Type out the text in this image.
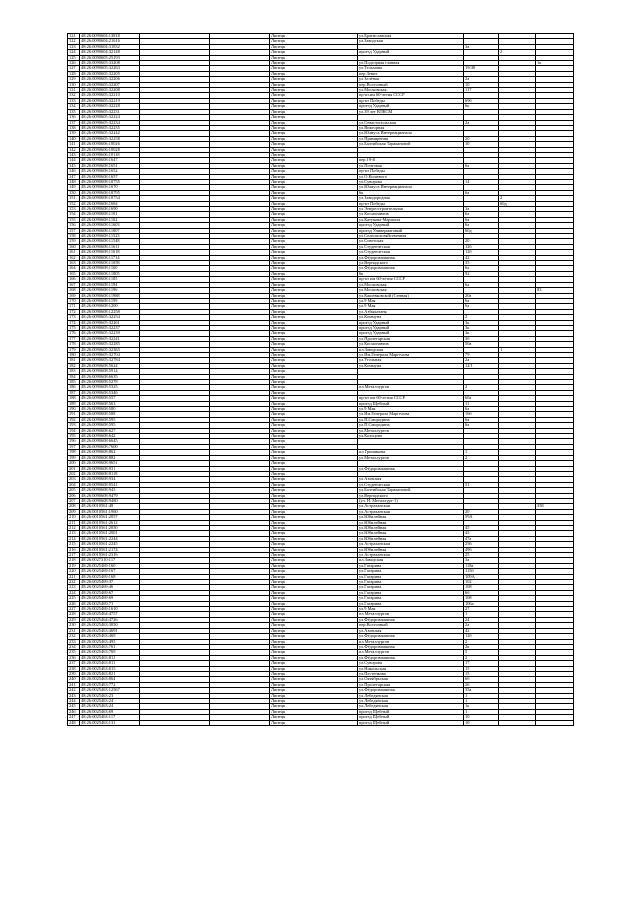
121	48:26:0090604:13818			Липецк	ул.Братиславская			
122	48:26:0090604:21616			Липецк	ул.Заводская			
123	48:26:0090604:31832			Липецк		3а		
124	48:26:0090604:32148			Липецк	проезд Ударный		2	
125	48:26:0090605:25193			Липецк				
126	48:26:0090605:33208			Липецк	ул.Подгорная главная			1к
127	48:26:0090605:32263			Липецк	ул.Тельмана	19/48		
128	48:26:0090605:32205			Липецк	пер.Зенит			
129	48:26:0090605:32206			Липецк	ул.Зелёная	2а		
130	48:26:0090605:32207			Липецк	пер.Восточный	10		
131	48:26:0090605:32208			Липецк	ул.Московская	117		
132	48:26:0090605:32210			Липецк	пр-кт.им 60-летия СССР			
133	48:26:0090605:32219			Липецк	пр-кт Победы	69б		
134	48:26:0090605:32228			Липецк	проезд Ударный	6к		
135	48:26:0090605:32231			Липецк	ул.39 лет ВЛКСМ			
136	48:26:0090605:32224			Липецк				
137	48:26:0090605:32234			Липецк	ул.Севастопольская	2а		
138	48:26:0090605:32235			Липецк	ул.Викторная			
139	48:26:0090605:32242			Липецк	ул.Юлиуса Интернационала			
140	48:26:0090605:32258			Липецк	ул.Примирения	20		
141	48:26:0090606:10026			Липецк	ул.Балтийская Таракановой	10		
142	48:26:0090606:10028			Липецк				
143	48:26:0090606:10118			Липецк				
144	48:26:0090608:1647			Липецк	пер.19-й			
145	48:26:0090608:1651			Липецк	ул.Почтовая	6а		
146	48:26:0090608:1652			Липецк	пр-кт Победы			
147	48:26:0090608:1657			Липецк	ул.О.Кошевого			
148	48:26:0090608:10755			Липецк	ул.Суворова	14		
149	48:26:0090608:1670			Липецк	ул.Юлиуса Интернационала			
150	48:26:0090608:10795			Липецк	6к	6а		
151	48:26:0090608:10754			Липецк	ул.Заводородная		2	
152	48:26:0090608:1684			Липецк	пр-кт Победы		60д	
153	48:26:0090608:1690			Липецк	ул.Энергостроительная	3а		
154	48:26:0090608:1101			Липецк	ул.Космонавтов	6а		
155	48:26:0090608:1102			Липецк	ул.Катукова-Маршала	6а		
156	48:26:0090608:11603			Липецк	проезд Ударный	6а		
157	48:26:0090608:11807			Липецк	проезд Универмаговый	60д		
158	48:26:0090608:11523			Липецк	ул.Сельскохозяйственная			
159	48:26:0090608:11548			Липецк	ул.Советская	20		
160	48:26:0090608:11611			Липецк	ул.Студенческая	12б		
161	48:26:0090608:11618			Липецк	ул.Студенческая	12б		
162	48:26:0090608:11714			Липецк	ул.Фёдоровпашная	42		
163	48:26:0090608:11058			Липецк	ул.Вернадского	35		
164	48:26:0090608:1160			Липецк	ул.Фёдоровпашная	6а		
165	48:26:0090608:11805			Липецк	6к	92		
166	48:26:0090608:1185			Липецк	пр-кт им 60-летия СССР			
167	48:26:0090608:1194			Липецк	ул.Московская	6а		
168	48:26:0090608:1196			Липецк	ул.Московская			83
169	48:26:0090608:11988			Липецк	ул.Кашёвковской (Сенная)	20а		
170	48:26:0090608:1199			Липецк	ул.9 Мая	6а		
171	48:26:0090608:1200			Липецк	ул.9 Мая	6а		
172	48:26:0090608:12258			Липецк	ул.Азбыкатаня			
173	48:26:0090605:32254			Липецк	ул.Коммуна	2		
174	48:26:0090605:32261			Липецк	проезд Ударный	3к		
175	48:26:0090605:32237			Липецк	проезд Ударный	3к		
176	48:26:0090605:32239			Липецк	проезд Ударный	3к		
177	48:26:0090605:32241			Липецк	ул.Пролетарская	3б		
178	48:26:0090605:32285			Липецк	ул.Космонавтов	50а		
179	48:26:0090605:32365			Липецк	пл.Заводская		1	
180	48:26:0090605:32704			Липецк	ул.Им.Генерала Маргелова	79		
181	48:26:0090605:32784			Липецк	ул.Угольная	2а		
182	48:26:0090608:5624			Липецк	ул.Коммуна	12/1		
183	48:26:0090608:5914			Липецк				
184	48:26:0090608:6635			Липецк				
185	48:26:0090608:5278			Липецк				
186	48:26:0090608:5325			Липецк	пл.Металлургов	2		
187	48:26:0090608:5346			Липецк				
188	48:26:0090608:557			Липецк	пр-кт им 60-летия СССР	60а		
189	48:26:0090608:563			Липецк	проезд Щебный	11		
190	48:26:0090608:580			Липецк	ул.9 Мая	6а		
191	48:26:0090608:588			Липецк	ул.Им.Генерала Маргелова	16б		
192	48:26:0090608:595			Липецк	ул.П.Смородина	6а		
193	48:26:0090608:595			Липецк	ул.П.Смородина	6а		
194	48:26:0090608:627			Липецк	ул.Металлургов			
195	48:26:0090608:642			Липецк	ул.Кольцова			
196	48:26:0090608:6645			Липецк				
197	48:26:0090608:7600			Липецк				
198	48:26:0090608:862			Липецк	пл.Гришикова	1		
199	48:26:0090608:882			Липецк	ул.Металлургов	2		
200	48:26:0090608:9651			Липецк				
201	48:26:0090608:931			Липецк	ул.Фёдоровпашная			
202	48:26:0090608:9118			Липецк				
203	48:26:0090608:934			Липецк	ул.Азовская			
204	48:26:0090608:9541			Липецк	ул.Студенческая	51		
205	48:26:0090608:943			Липецк	ул.Балтийская Таракановой			
206	48:26:0090608:9479			Липецк	ул.Вернадского			
207	48:26:0090608:9480			Липецк	(ул. Н. Металлург-1)			
208	48:26:0010561:48			Липецк	ул.Астраханская			358
209	48:26:0010561:1960			Липецк	ул.Астраханская	20		
210	48:26:0010561:2057			Липецк	ул.Юбилейная	59А		
211	48:26:0010561:2612			Липецк	ул.Юбилейная			
212	48:26:0010561:2050			Липецк	ул.Юбилейная	45		
213	48:26:0010561:2001			Липецк	ул.Юбилейная	45		
214	48:26:0010561:2244			Липецк	ул.Юбилейная	47а		
215	48:26:0010561:2245			Липецк	ул.Астраханская	256		
216	48:26:0010561:2174			Липецк	ул.Юбилейная	49б		
217	48:26:0010561:2316			Липецк	ул.Астраханская	25		
218	48:26:0027310:117			Липецк	пл.Заводская	3а		
219	48:26:0025469:160			Липецк	ул.Гагарина	118а		
220	48:26:0025469:167			Липецк	ул.Гагарина	115б		
221	48:26:0025469:168			Липецк	ул.Гагарина	109А		
222	48:26:0025469:37			Липецк	ул.Гагарина	102		
223	48:26:0025469:46			Липецк	ул.Гагарина	108		
224	48:26:0025469:67			Липецк	ул.Гагарина	6б		
225	48:26:0025469:69			Липецк	ул.Гагарина	108		
226	48:26:0025469:71			Липецк	ул.Гагарина	106а		
227	48:26:0025469:1610			Липецк	ул.9 Мая	27		
228	48:26:0025464:4757			Липецк	пл.Металлургов	1		
229	48:26:0025464:4726			Липецк	ул.Фёдоровпашная	24		
230	48:26:0025463:3050			Липецк	пер.Восточный	2а		
231	48:26:0025463:4691			Липецк	ул.Азовская	42		
232	48:26:0025463:469			Липецк	ул.Фёдоровпашная	12б		
233	48:26:0025463:495			Липецк	пл.Металлургов	2		
234	48:26:0025463:761			Липецк	ул.Фёдоровпашная	2к		
235	48:26:0025463:769			Липецк	пл.Металлургов	5		
236	48:26:0025463:811			Липецк	ул.Фёдоровпашная	2		
237	48:26:0025463:811			Липецк	ул.Суворова	17		
238	48:26:0025463:815			Липецк	ул.Никольская	15		
239	48:26:0025463:821			Липецк	ул.Пестенкова	15		
240	48:26:0025463:864			Липецк	ул.Октябрьская	6б		
241	48:26:0025463:772			Липецк	ул.Пролетарская	26		
242	48:26:0025463:12567			Липецк	ул.Фёдоровпашная	35а		
243	48:26:0025463:23			Липецк	ул.Лебедянская	1		
244	48:26:0025463:24			Липецк	ул.Лебедянская	1		
245	48:26:0025463:24			Липецк	ул.Лебедянская	1к		
246	48:26:0025463:69			Липецк	проезд Щебный	1		
247	48:26:0025463:117			Липецк	проезд Щебный	10		
248	48:26:0025463:131			Липецк	проезд Щебный	10		
